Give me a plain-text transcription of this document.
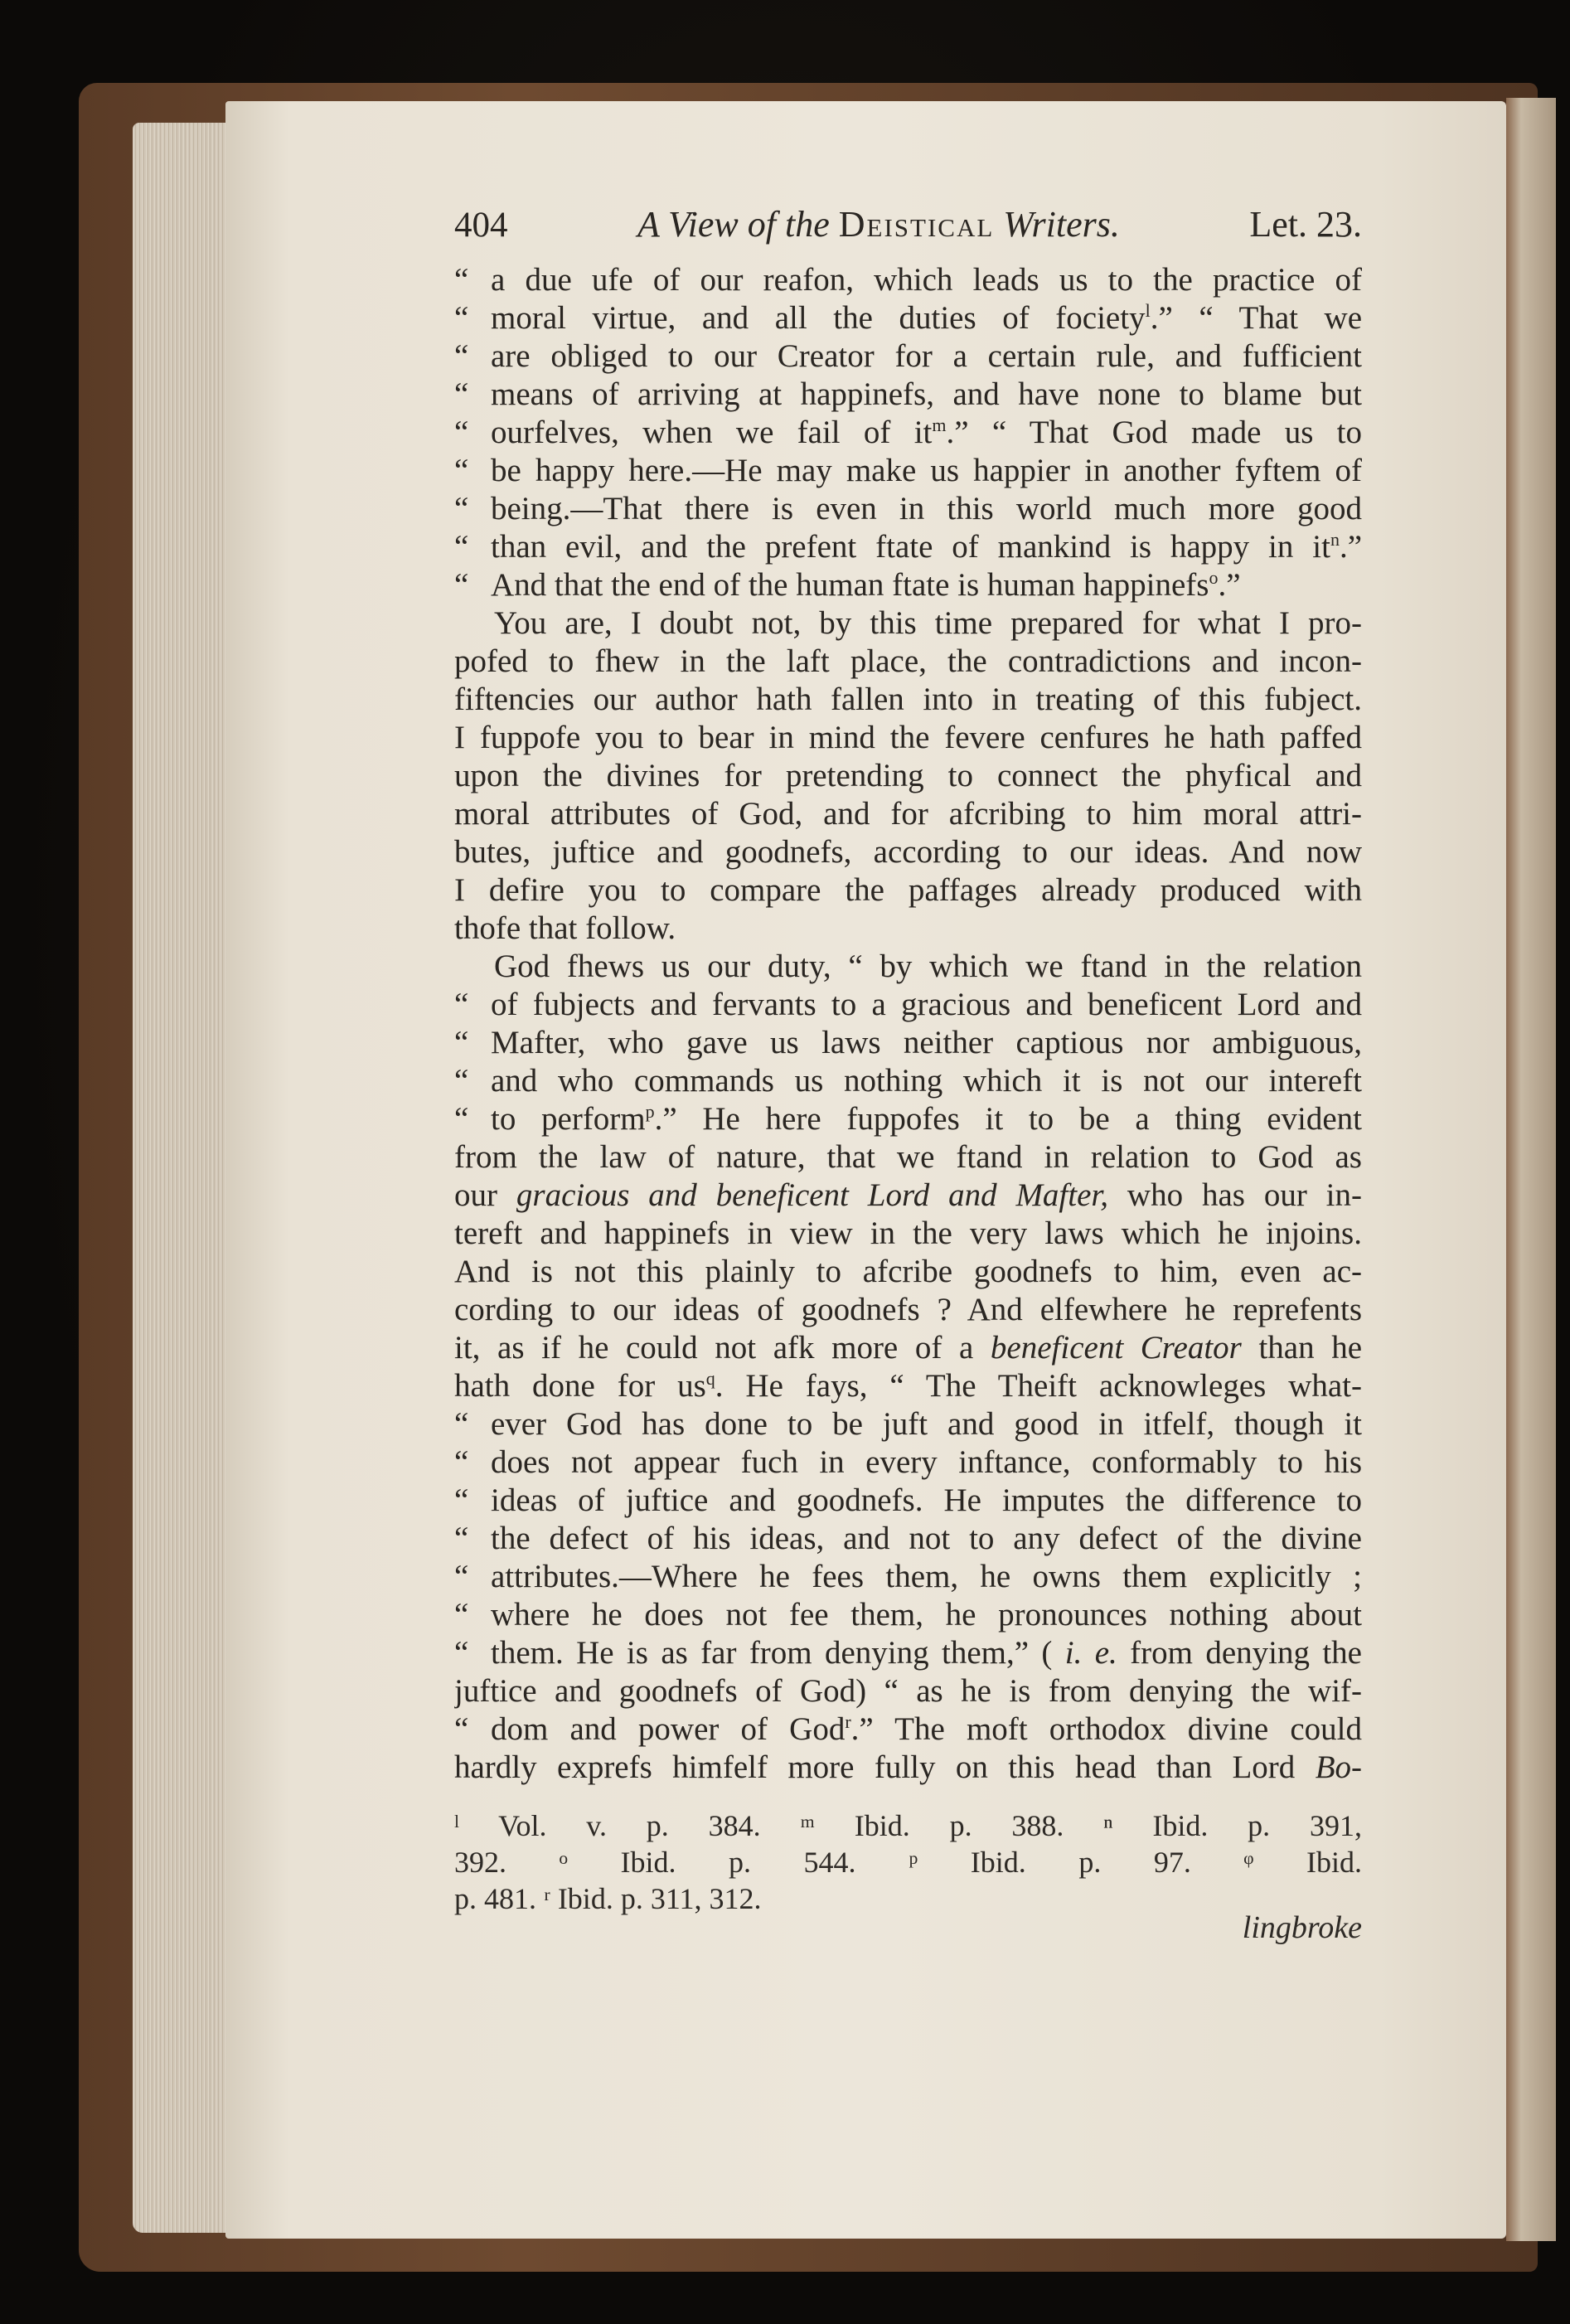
404	A View of the Deistical Writers.	Let. 23.
“ a due ufe of our reafon, which leads us to the practice of
“ moral virtue, and all the duties of fociety$^l$.” “ That we
“ are obliged to our Creator for a certain rule, and fufficient
“ means of arriving at happinefs, and have none to blame but
“ ourfelves, when we fail of $it^m$.” “ That God made us to
“ be happy here.—He may make us happier in another fyftem of
“ being.—That there is even in this world much more good
“ than evil, and the prefent ftate of mankind is happy in $it^n$.”
“ And that the end of the human ftate is human happinefs$^o$.”
You are, I doubt not, by this time prepared for what I pro-
pofed to fhew in the laft place, the contradictions and incon-
fiftencies our author hath fallen into in treating of this fubject.
I fuppofe you to bear in mind the fevere cenfures he hath paffed
upon the divines for pretending to connect the phyfical and
moral attributes of God, and for afcribing to him moral attri-
butes, juftice and goodnefs, according to our ideas. And now
I defire you to compare the paffages already produced with
thofe that follow.
God fhews us our duty, “ by which we ftand in the relation
“ of fubjects and fervants to a gracious and beneficent Lord and
“ Mafter, who gave us laws neither captious nor ambiguous,
“ and who commands us nothing which it is not our intereft
“ to perform$^p$.” He here fuppofes it to be a thing evident
from the law of nature, that we ftand in relation to God as
our gracious and beneficent Lord and Mafter, who has our in-
tereft and happinefs in view in the very laws which he injoins.
And is not this plainly to afcribe goodnefs to him, even ac-
cording to our ideas of goodnefs ? And elfewhere he reprefents
it, as if he could not afk more of a beneficent Creator than he
hath done for $us^q$. He fays, “ The Theift acknowleges what-
“ ever God has done to be juft and good in itfelf, though it
“ does not appear fuch in every inftance, conformably to his
“ ideas of juftice and goodnefs. He imputes the difference to
“ the defect of his ideas, and not to any defect of the divine
“ attributes.—Where he fees them, he owns them explicitly ;
“ where he does not fee them, he pronounces nothing about
“ them. He is as far from denying them,” ( i. e. from denying the
juftice and goodnefs of God) “ as he is from denying the wif-
“ dom and power of God$^r$.” The moft orthodox divine could
hardly exprefs himfelf more fully on this head than Lord Bo-
ˡ Vol. v. p. 384. ᵐ Ibid. p. 388. ⁿ Ibid. p. 391,
392. ᵒ Ibid. p. 544. ᵖ Ibid. p. 97. ᵠ Ibid.
p. 481. ʳ Ibid. p. 311, 312.
lingbroke
